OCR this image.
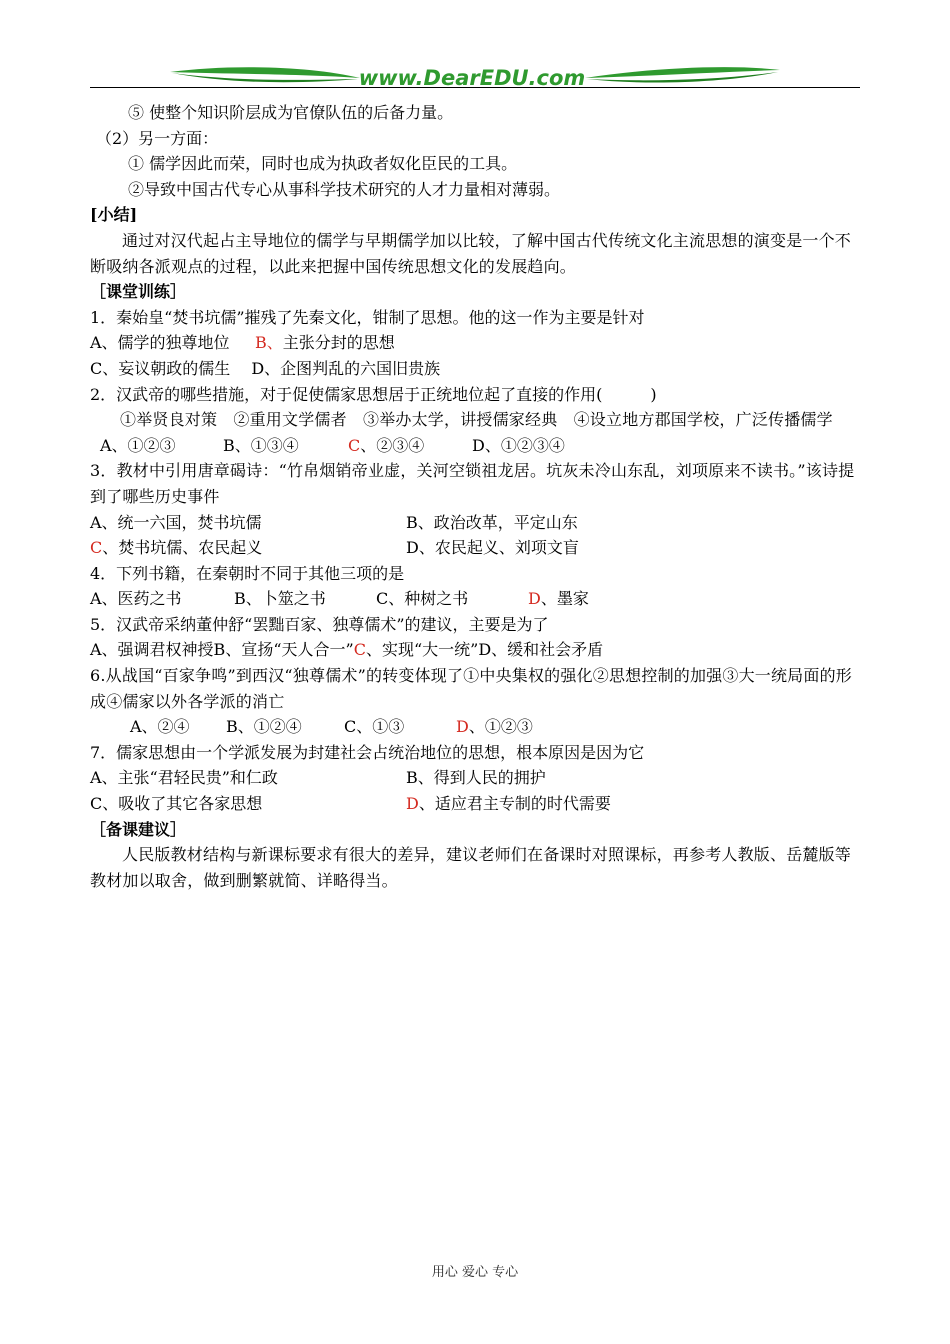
www.DearEDU.com
⑤ 使整个知识阶层成为官僚队伍的后备力量。
（2）另一方面：
① 儒学因此而荣，同时也成为执政者奴化臣民的工具。
②导致中国古代专心从事科学技术研究的人才力量相对薄弱。
[小结]
通过对汉代起占主导地位的儒学与早期儒学加以比较，了解中国古代传统文化主流思想的演变是一个不断吸纳各派观点的过程，以此来把握中国传统思想文化的发展趋向。
［课堂训练］
1．秦始皇“焚书坑儒”摧残了先秦文化，钳制了思想。他的这一作为主要是针对
A、儒学的独尊地位 B、主张分封的思想
C、妄议朝政的儒生　 D、企图判乱的六国旧贵族
2．汉武帝的哪些措施，对于促使儒家思想居于正统地位起了直接的作用(　　　)
①举贤良对策　②重用文学儒者　③举办太学，讲授儒家经典　④设立地方郡国学校，广泛传播儒学
A、①②③	B、①③④	C、②③④	D、①②③④
3．教材中引用唐章碣诗：“竹帛烟销帝业虚，关河空锁祖龙居。坑灰未冷山东乱，刘项原来不读书。”该诗提到了哪些历史事件
A、统一六国，焚书坑儒	B、政治改革，平定山东
C、焚书坑儒、农民起义	D、农民起义、刘项文盲
4．下列书籍，在秦朝时不同于其他三项的是
A、医药之书	B、卜筮之书	C、种树之书	D、墨家
5．汉武帝采纳董仲舒“罢黜百家、独尊儒术”的建议，主要是为了
A、强调君权神授B、宣扬“天人合一”C、实现“大一统”D、缓和社会矛盾
6.从战国“百家争鸣”到西汉“独尊儒术”的转变体现了①中央集权的强化②思想控制的加强③大一统局面的形成④儒家以外各学派的消亡
A、②④ B、①②④	C、①③	D、①②③
7．儒家思想由一个学派发展为封建社会占统治地位的思想，根本原因是因为它
A、主张“君轻民贵”和仁政	B、得到人民的拥护
C、吸收了其它各家思想	D、适应君主专制的时代需要
［备课建议］
人民版教材结构与新课标要求有很大的差异，建议老师们在备课时对照课标，再参考人教版、岳麓版等教材加以取舍，做到删繁就简、详略得当。
用心 爱心 专心
